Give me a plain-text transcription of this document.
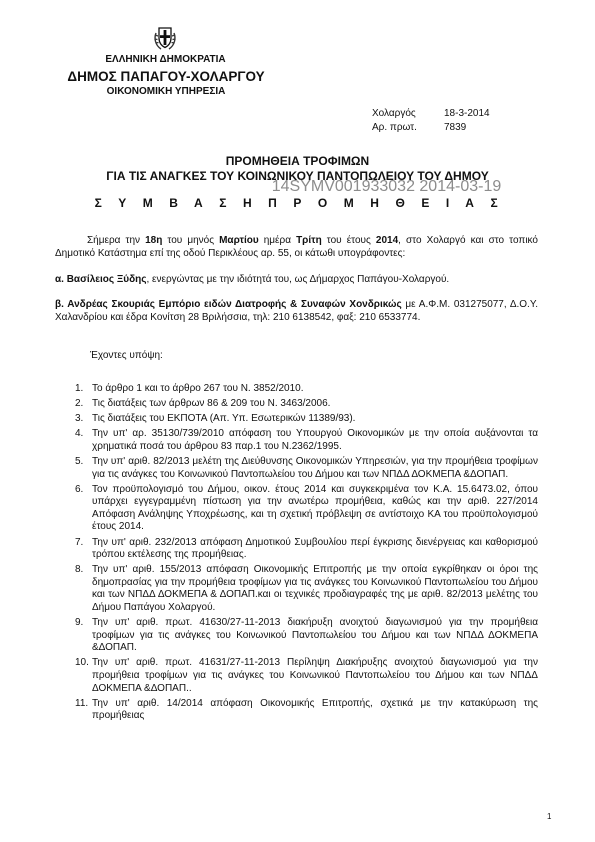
ΕΛΛΗΝΙΚΗ ΔΗΜΟΚΡΑΤΙΑ
ΔΗΜΟΣ ΠΑΠΑΓΟΥ-ΧΟΛΑΡΓΟΥ
ΟΙΚΟΝΟΜΙΚΗ ΥΠΗΡΕΣΙΑ
Χολαργός	18-3-2014
Αρ. πρωτ.	7839
ΠΡΟΜΗΘΕΙΑ ΤΡΟΦΙΜΩΝ
ΓΙΑ ΤΙΣ ΑΝΑΓΚΕΣ ΤΟΥ ΚΟΙΝΩΝΙΚΟΥ ΠΑΝΤΟΠΩΛΕΙΟΥ ΤΟΥ ΔΗΜΟΥ
14SYMV001933032 2014-03-19
Σ Υ Μ Β Α Σ Η Π Ρ Ο Μ Η Θ Ε Ι Α Σ
Σήμερα την 18η του μηνός Μαρτίου ημέρα Τρίτη του έτους 2014, στο Χολαργό και στο τοπικό Δημοτικό Κατάστημα επί της οδού Περικλέους αρ. 55, οι κάτωθι υπογράφοντες:
α. Βασίλειος Ξύδης, ενεργώντας με την ιδιότητά του, ως Δήμαρχος Παπάγου-Χολαργού.
β. Ανδρέας Σκουριάς Εμπόριο ειδών Διατροφής & Συναφών Χονδρικώς με Α.Φ.Μ. 031275077, Δ.Ο.Υ. Χαλανδρίου και έδρα Κονίτση 28 Βριλήσσια, τηλ: 210 6138542, φαξ: 210 6533774.
Έχοντες υπόψη:
1. Το άρθρο 1 και το άρθρο 267 του Ν. 3852/2010.
2. Τις διατάξεις των άρθρων 86 & 209 του Ν. 3463/2006.
3. Τις διατάξεις του ΕΚΠΟΤΑ (Απ. Υπ. Εσωτερικών 11389/93).
4. Την υπ' αρ. 35130/739/2010 απόφαση του Υπουργού Οικονομικών με την οποία αυξάνονται τα χρηματικά ποσά του άρθρου 83 παρ.1 του Ν.2362/1995.
5. Την υπ' αριθ. 82/2013 μελέτη της Διεύθυνσης Οικονομικών Υπηρεσιών, για την προμήθεια τροφίμων για τις ανάγκες του Κοινωνικού Παντοπωλείου του Δήμου και των ΝΠΔΔ ΔΟΚΜΕΠΑ &ΔΟΠΑΠ.
6. Τον προϋπολογισμό του Δήμου, οικον. έτους 2014 και συγκεκριμένα τον Κ.Α. 15.6473.02, όπου υπάρχει εγγεγραμμένη πίστωση για την ανωτέρω προμήθεια, καθώς και την αριθ. 227/2014 Απόφαση Ανάληψης Υποχρέωσης, και τη σχετική πρόβλεψη σε αντίστοιχο ΚΑ του προϋπολογισμού έτους 2014.
7. Την υπ' αριθ. 232/2013 απόφαση Δημοτικού Συμβουλίου περί έγκρισης διενέργειας και καθορισμού τρόπου εκτέλεσης της προμήθειας.
8. Την υπ' αριθ. 155/2013 απόφαση Οικονομικής Επιτροπής με την οποία εγκρίθηκαν οι όροι της δημοπρασίας για την προμήθεια τροφίμων για τις ανάγκες του Κοινωνικού Παντοπωλείου του Δήμου και των ΝΠΔΔ ΔΟΚΜΕΠΑ & ΔΟΠΑΠ.και οι τεχνικές προδιαγραφές της με αριθ. 82/2013 μελέτης του Δήμου Παπάγου Χολαργού.
9. Την υπ' αριθ. πρωτ. 41630/27-11-2013 διακήρυξη ανοιχτού διαγωνισμού για την προμήθεια τροφίμων για τις ανάγκες του Κοινωνικού Παντοπωλείου του Δήμου και των ΝΠΔΔ ΔΟΚΜΕΠΑ &ΔΟΠΑΠ.
10. Την υπ' αριθ. πρωτ. 41631/27-11-2013 Περίληψη Διακήρυξης ανοιχτού διαγωνισμού για την προμήθεια τροφίμων για τις ανάγκες του Κοινωνικού Παντοπωλείου του Δήμου και των ΝΠΔΔ ΔΟΚΜΕΠΑ &ΔΟΠΑΠ..
11. Την υπ' αριθ. 14/2014 απόφαση Οικονομικής Επιτροπής, σχετικά με την κατακύρωση της προμήθειας
1
